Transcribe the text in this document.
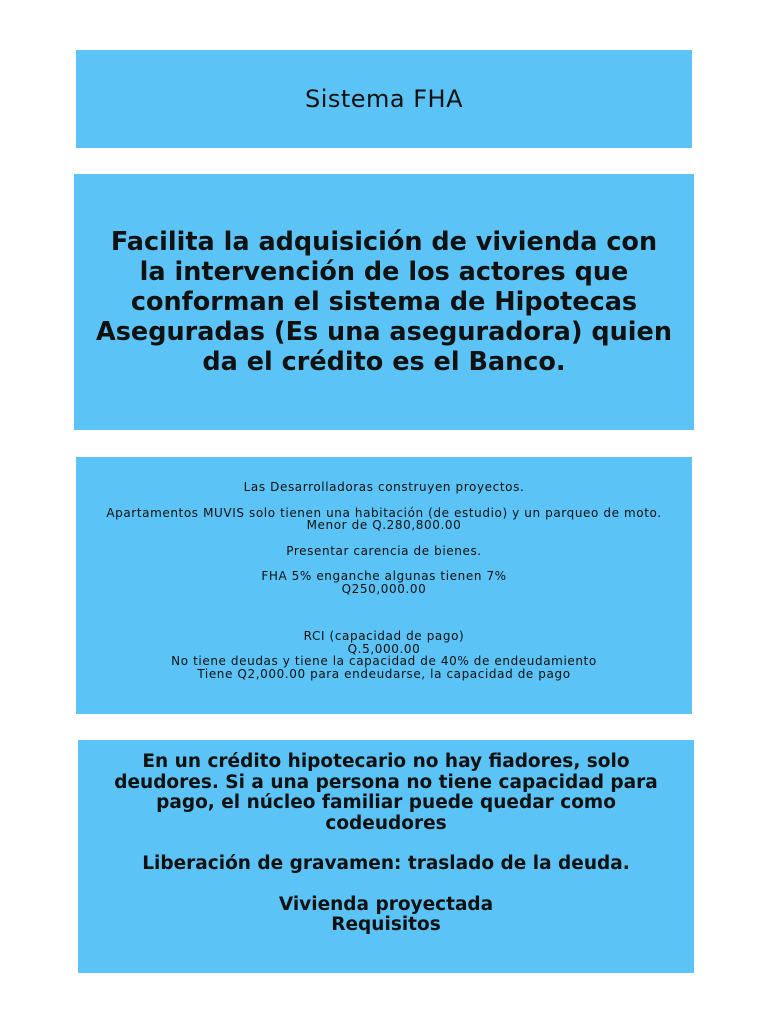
Sistema FHA
Facilita la adquisición de vivienda con la intervención de los actores que conforman el sistema de Hipotecas Aseguradas (Es una aseguradora) quien da el crédito es el Banco.
Las Desarrolladoras construyen proyectos.
Apartamentos MUVIS solo tienen una habitación (de estudio) y un parqueo de moto.
Menor de Q.280,800.00
Presentar carencia de bienes.
FHA 5% enganche algunas tienen 7%
Q250,000.00
RCI (capacidad de pago)
Q.5,000.00
No tiene deudas y tiene la capacidad de 40% de endeudamiento
Tiene Q2,000.00 para endeudarse, la capacidad de pago
En un crédito hipotecario no hay fiadores, solo deudores. Si a una persona no tiene capacidad para pago, el núcleo familiar puede quedar como codeudores
Liberación de gravamen: traslado de la deuda.
Vivienda proyectada
Requisitos
